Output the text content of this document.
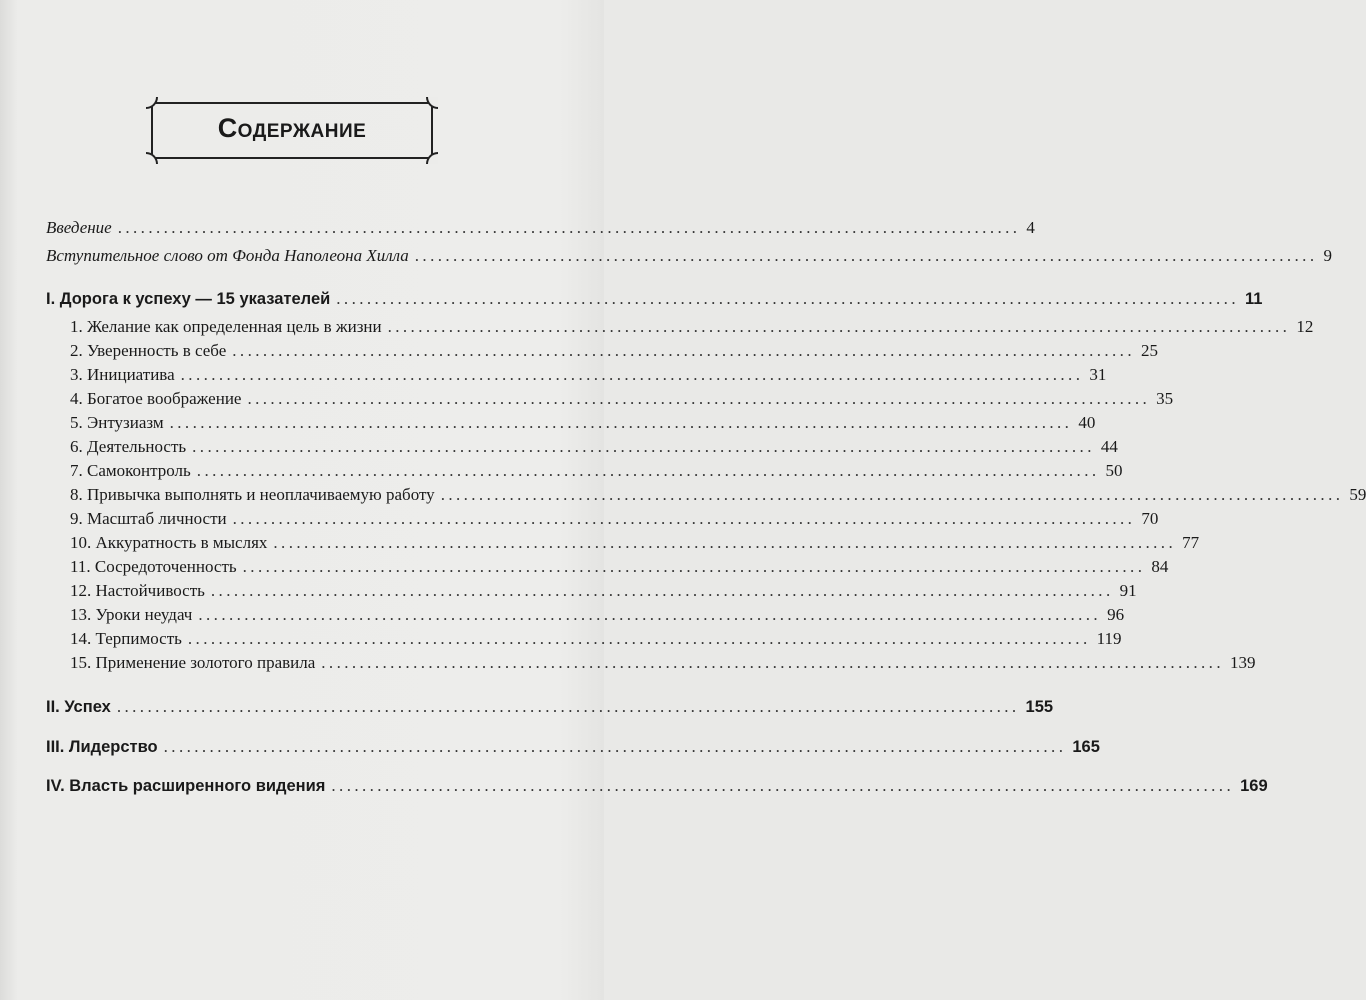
Содержание
Введение ...................................................................................................................... 4
Вступительное слово от Фонда Наполеона Хилла ...................................................................................................................... 9
I. Дорога к успеху — 15 указателей ...................................................................................................................... 11
1. Желание как определенная цель в жизни ...................................................................................................................... 12
2. Уверенность в себе ...................................................................................................................... 25
3. Инициатива ...................................................................................................................... 31
4. Богатое воображение ...................................................................................................................... 35
5. Энтузиазм ...................................................................................................................... 40
6. Деятельность ...................................................................................................................... 44
7. Самоконтроль ...................................................................................................................... 50
8. Привычка выполнять и неоплачиваемую работу ...................................................................................................................... 59
9. Масштаб личности ...................................................................................................................... 70
10. Аккуратность в мыслях ...................................................................................................................... 77
11. Сосредоточенность ...................................................................................................................... 84
12. Настойчивость ...................................................................................................................... 91
13. Уроки неудач ...................................................................................................................... 96
14. Терпимость ...................................................................................................................... 119
15. Применение золотого правила ...................................................................................................................... 139
II. Успех ...................................................................................................................... 155
III. Лидерство ...................................................................................................................... 165
IV. Власть расширенного видения ...................................................................................................................... 169
